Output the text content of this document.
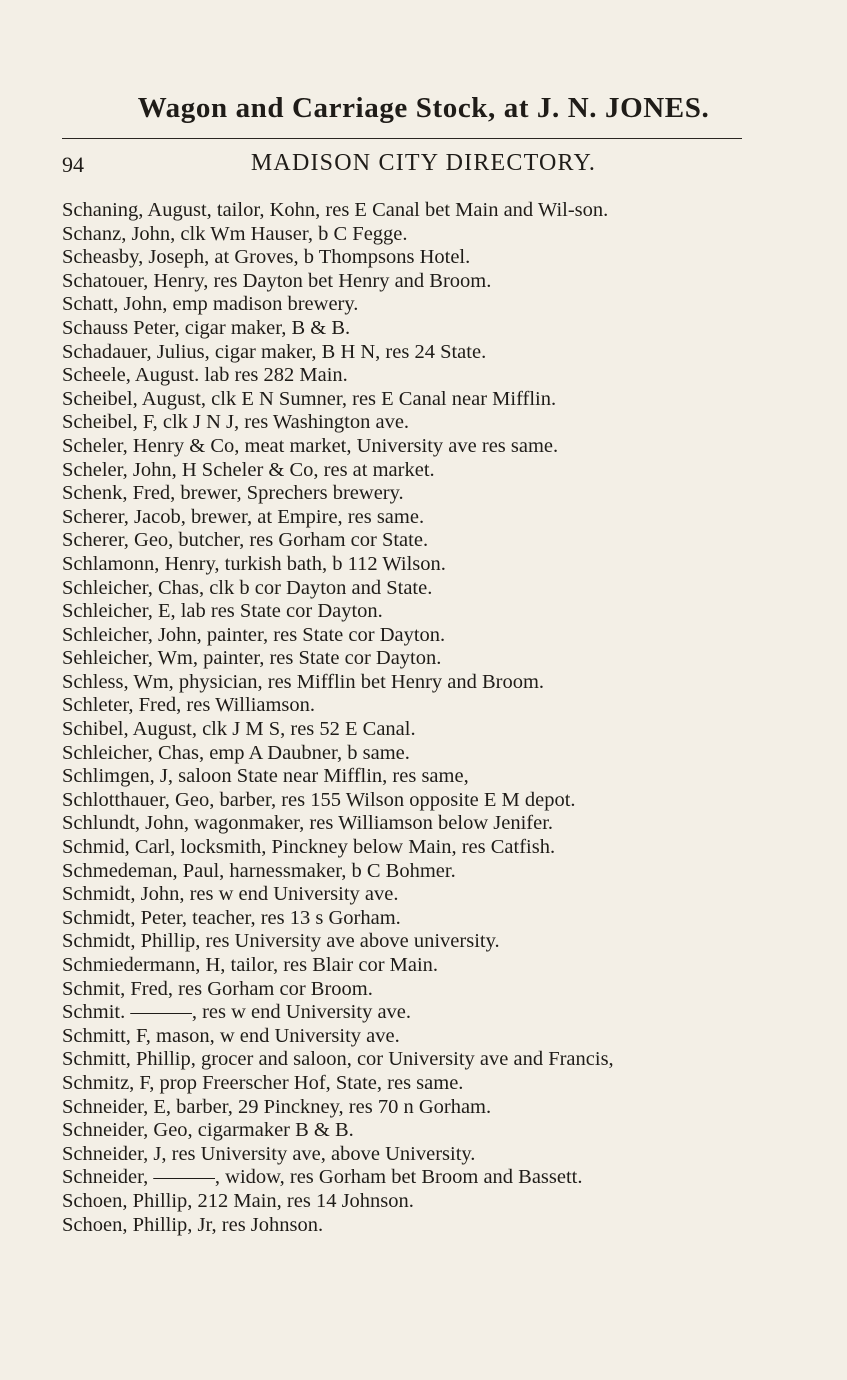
Wagon and Carriage Stock, at J. N. JONES.
94	MADISON CITY DIRECTORY.
Schaning, August, tailor, Kohn, res E Canal bet Main and Wil-son.
Schanz, John, clk Wm Hauser, b C Fegge.
Scheasby, Joseph, at Groves, b Thompsons Hotel.
Schatouer, Henry, res Dayton bet Henry and Broom.
Schatt, John, emp madison brewery.
Schauss Peter, cigar maker, B & B.
Schadauer, Julius, cigar maker, B H N, res 24 State.
Scheele, August. lab res 282 Main.
Scheibel, August, clk E N Sumner, res E Canal near Mifflin.
Scheibel, F, clk J N J, res Washington ave.
Scheler, Henry & Co, meat market, University ave res same.
Scheler, John, H Scheler & Co, res at market.
Schenk, Fred, brewer, Sprechers brewery.
Scherer, Jacob, brewer, at Empire, res same.
Scherer, Geo, butcher, res Gorham cor State.
Schlamonn, Henry, turkish bath, b 112 Wilson.
Schleicher, Chas, clk b cor Dayton and State.
Schleicher, E, lab res State cor Dayton.
Schleicher, John, painter, res State cor Dayton.
Sehleicher, Wm, painter, res State cor Dayton.
Schless, Wm, physician, res Mifflin bet Henry and Broom.
Schleter, Fred, res Williamson.
Schibel, August, clk J M S, res 52 E Canal.
Schleicher, Chas, emp A Daubner, b same.
Schlimgen, J, saloon State near Mifflin, res same,
Schlotthauer, Geo, barber, res 155 Wilson opposite E M depot.
Schlundt, John, wagonmaker, res Williamson below Jenifer.
Schmid, Carl, locksmith, Pinckney below Main, res Catfish.
Schmedeman, Paul, harnessmaker, b C Bohmer.
Schmidt, John, res w end University ave.
Schmidt, Peter, teacher, res 13 s Gorham.
Schmidt, Phillip, res University ave above university.
Schmiedermann, H, tailor, res Blair cor Main.
Schmit, Fred, res Gorham cor Broom.
Schmit. ———, res w end University ave.
Schmitt, F, mason, w end University ave.
Schmitt, Phillip, grocer and saloon, cor University ave and Francis,
Schmitz, F, prop Freerscher Hof, State, res same.
Schneider, E, barber, 29 Pinckney, res 70 n Gorham.
Schneider, Geo, cigarmaker B & B.
Schneider, J, res University ave, above University.
Schneider, ———, widow, res Gorham bet Broom and Bassett.
Schoen, Phillip, 212 Main, res 14 Johnson.
Schoen, Phillip, Jr, res Johnson.
